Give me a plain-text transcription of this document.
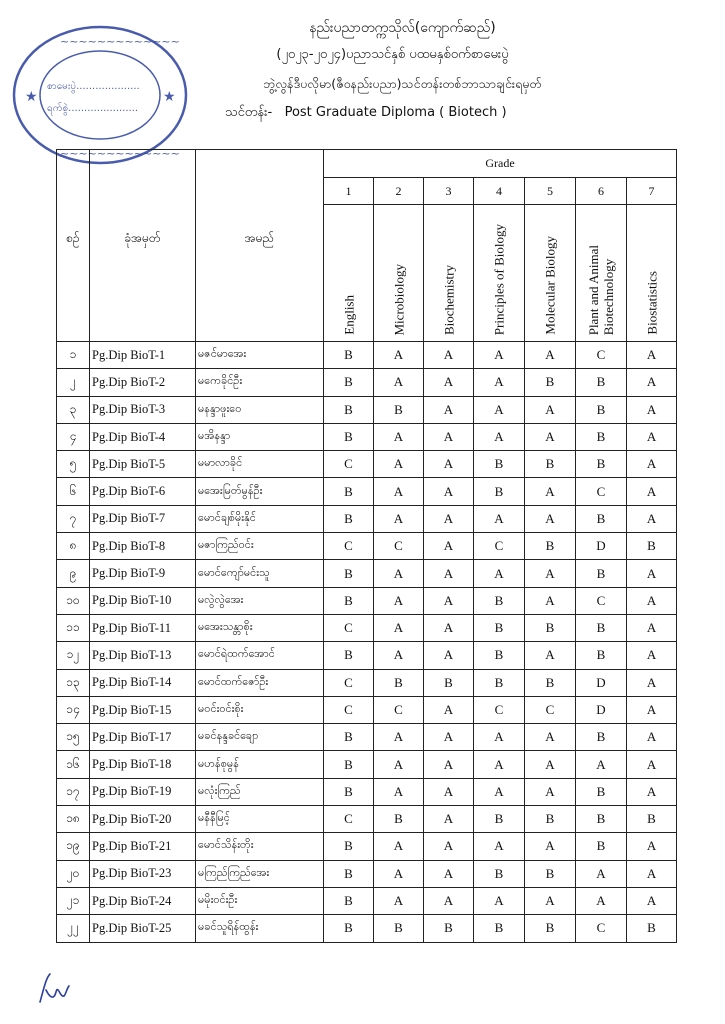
နည်းပညာတက္ကသိုလ်(ကျောက်ဆည်)
(၂၀၂၃-၂၀၂၄)ပညာသင်နှစ် ပထမနှစ်ဝက်စာမေးပွဲ
ဘွဲ့လွန်ဒီပလိုမာ(ဇီဝနည်းပညာ)သင်တန်းတစ်ဘာသာချင်းရမှတ်
သင်တန်း- Post Graduate Diploma ( Biotech )
★	★
စာမေးပွဲ....................
ရက်စွဲ......................
~~~~~~~~~~~~~
~~~~~~~~~~~~~
စဉ်	ခုံအမှတ်	အမည်	Grade						
			1	2	3	4	5	6	7

			English	Microbiology	Biochemistry	Principles of Biology	Molecular Biology	Plant and Animal
Biotechnology	Biostatistics

၁	Pg.Dip BioT-1	မဇင်မာအေး	B	A	A	A	A	C	A
၂	Pg.Dip BioT-2	မကေခိုင်ဦး	B	A	A	A	B	B	A
၃	Pg.Dip BioT-3	မနန္ဒာဖူးဝေ	B	B	A	A	A	B	A
၄	Pg.Dip BioT-4	မအိနန္ဒာ	B	A	A	A	A	B	A
၅	Pg.Dip BioT-5	မမာလာခိုင်	C	A	A	B	B	B	A
၆	Pg.Dip BioT-6	မအေးမြတ်မွန်ဦး	B	A	A	B	A	C	A
၇	Pg.Dip BioT-7	မောင်ချစ်မိုးနိုင်	B	A	A	A	A	B	A
၈	Pg.Dip BioT-8	မဇာကြည်ဝင်း	C	C	A	C	B	D	B
၉	Pg.Dip BioT-9	မောင်ကျော်မင်းသူ	B	A	A	A	A	B	A
၁၀	Pg.Dip BioT-10	မလွဲလွဲအေး	B	A	A	B	A	C	A
၁၁	Pg.Dip BioT-11	မအေးသန္တာစိုး	C	A	A	B	B	B	A
၁၂	Pg.Dip BioT-13	မောင်ရဲထက်အောင်	B	A	A	B	A	B	A
၁၃	Pg.Dip BioT-14	မောင်ထက်ဇော်ဦး	C	B	B	B	B	D	A
၁၄	Pg.Dip BioT-15	မဝင်းဝင်းစိုး	C	C	A	C	C	D	A
၁၅	Pg.Dip BioT-17	မခင်နန္ဒခင်ချော	B	A	A	A	A	B	A
၁၆	Pg.Dip BioT-18	မဟန်စုမွန်	B	A	A	A	A	A	A
၁၇	Pg.Dip BioT-19	မလုံးကြည်	B	A	A	A	A	B	A
၁၈	Pg.Dip BioT-20	မနီနီမြင့်	C	B	A	B	B	B	B
၁၉	Pg.Dip BioT-21	မောင်သိန်းတိုး	B	A	A	A	A	B	A
၂၀	Pg.Dip BioT-23	မကြည်ကြည်အေး	B	A	A	B	B	A	A
၂၁	Pg.Dip BioT-24	မမိုးဝင်းဦး	B	A	A	A	A	A	A
၂၂	Pg.Dip BioT-25	မခင်သူရိန်ထွန်း	B	B	B	B	B	C	B
